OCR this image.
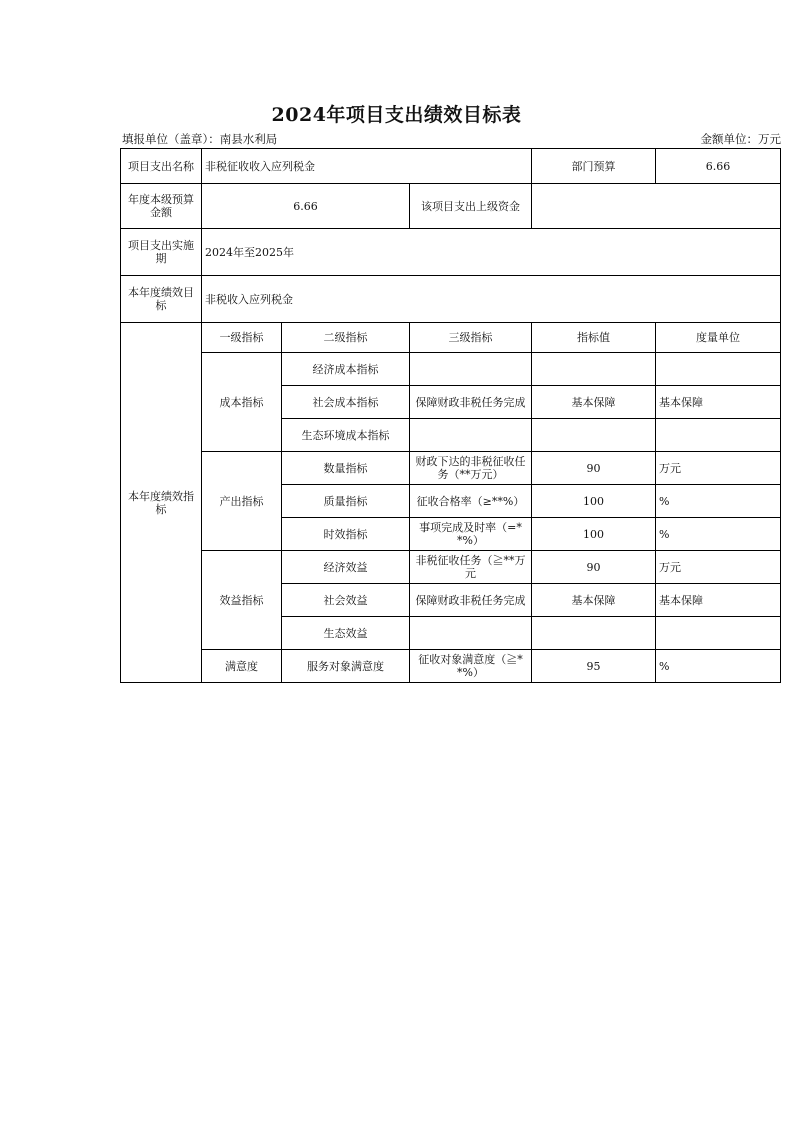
2024年项目支出绩效目标表
填报单位（盖章）：南县水利局	金额单位：万元
项目支出名称	非税征收收入应列税金			部门预算	6.66
年度本级预算金额	6.66		该项目支出上级资金		
项目支出实施期	2024年至2025年				
本年度绩效目标	非税收入应列税金				
本年度绩效指标	一级指标	二级指标	三级指标	指标值	度量单位
	成本指标	经济成本指标			
		社会成本指标	保障财政非税任务完成	基本保障	基本保障
		生态环境成本指标			
	产出指标	数量指标	财政下达的非税征收任务（**万元）	90	万元
		质量指标	征收合格率（≥**%）	100	%
		时效指标	事项完成及时率（=**%）	100	%
	效益指标	经济效益	非税征收任务（≧**万元	90	万元
		社会效益	保障财政非税任务完成	基本保障	基本保障
		生态效益			
	满意度	服务对象满意度	征收对象满意度（≧**%）	95	%
